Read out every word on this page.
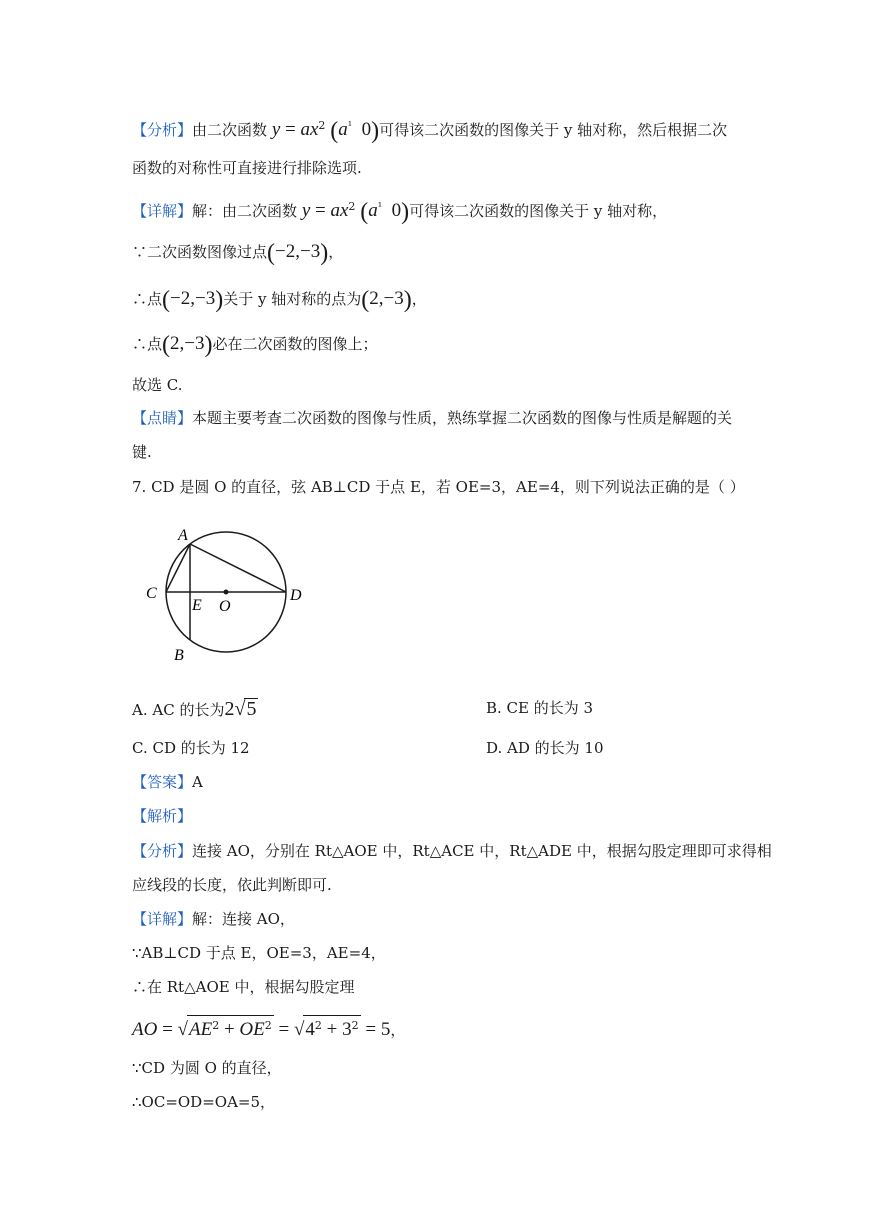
【分析】由二次函数 $y = ax^2$ ($a^{^1}$ 0)可得该二次函数的图像关于 y 轴对称，然后根据二次
函数的对称性可直接进行排除选项.
【详解】解：由二次函数 $y = ax^2$ ($a^{^1}$ 0)可得该二次函数的图像关于 y 轴对称，
∵二次函数图像过点(−2,−3)，
∴点(−2,−3)关于 y 轴对称的点为(2,−3)，
∴点(2,−3)必在二次函数的图像上；
故选 C.
【点睛】本题主要考查二次函数的图像与性质，熟练掌握二次函数的图像与性质是解题的关
键.
7. CD 是圆 O 的直径，弦 AB⊥CD 于点 E，若 OE=3，AE=4，则下列说法正确的是（ ）
A
B
C	D
E O
A. AC 的长为2√5	B. CE 的长为 3
C. CD 的长为 12	D. AD 的长为 10
【答案】A
【解析】
【分析】连接 AO，分别在 Rt△AOE 中，Rt△ACE 中，Rt△ADE 中，根据勾股定理即可求得相
应线段的长度，依此判断即可.
【详解】解：连接 AO，
∵AB⊥CD 于点 E，OE=3，AE=4，
∴在 Rt△AOE 中，根据勾股定理
AO = $√AE^2 + OE^2 = √4^2 + 3^2 = 5$，
∵CD 为圆 O 的直径，
∴OC=OD=OA=5，
